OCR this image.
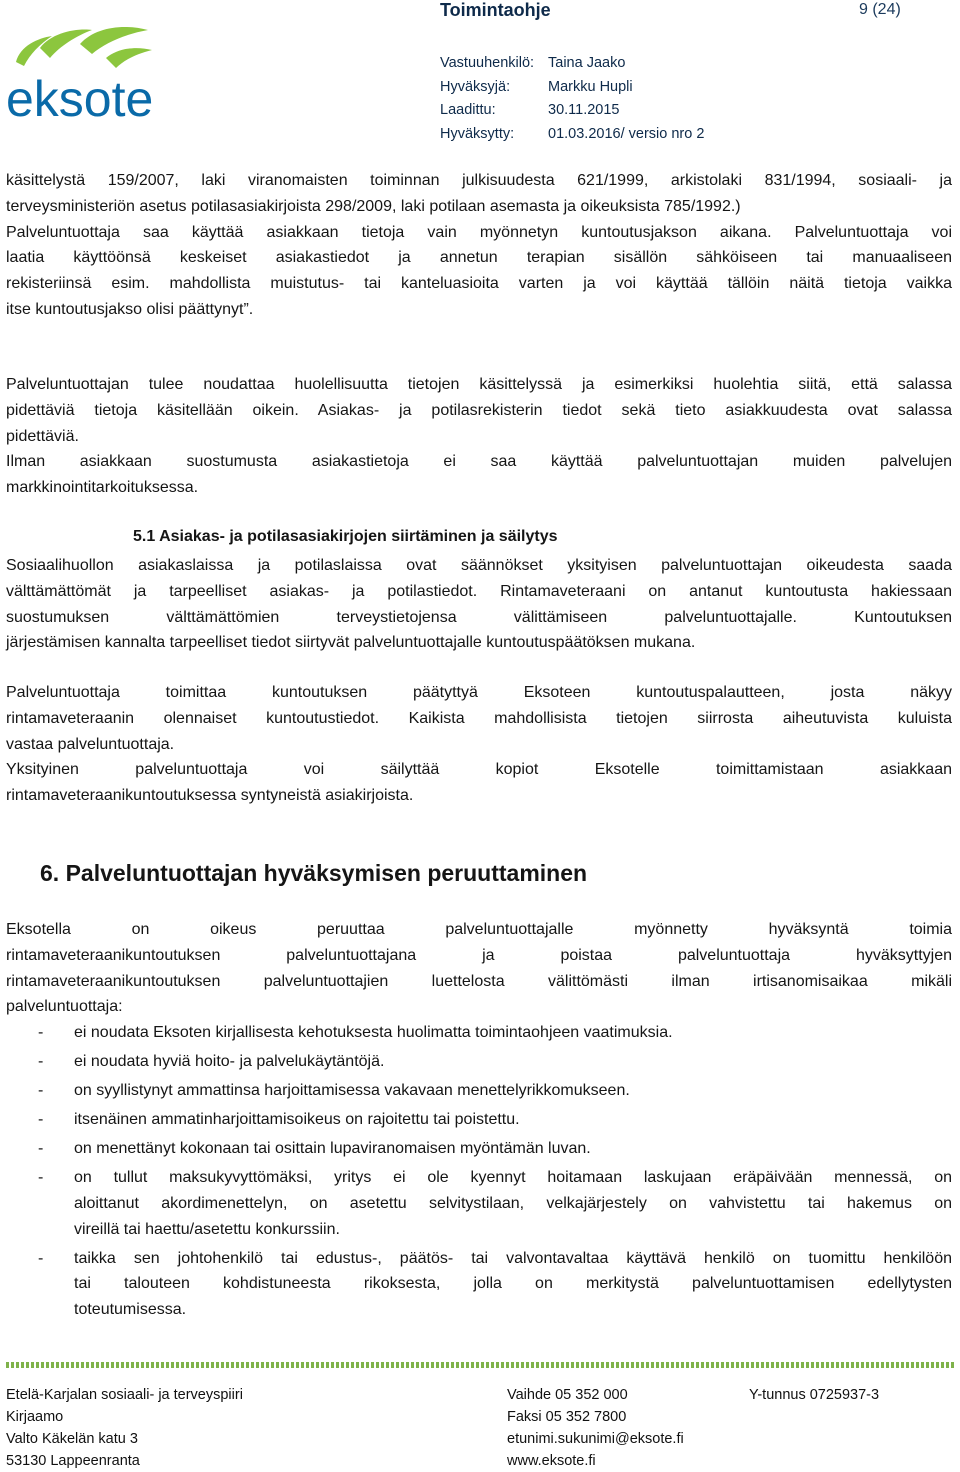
Toimintaohje	9 (24)
eksote
Vastuuhenkilö: Taina Jaako
Hyväksyjä:	Markku Hupli
Laadittu:	30.11.2015
Hyväksytty:	01.03.2016/ versio nro 2
käsittelystä 159/2007, laki viranomaisten toiminnan julkisuudesta 621/1999, arkistolaki 831/1994, sosiaali- ja
terveysministeriön asetus potilasasiakirjoista 298/2009, laki potilaan asemasta ja oikeuksista 785/1992.)
Palveluntuottaja saa käyttää asiakkaan tietoja vain myönnetyn kuntoutusjakson aikana. Palveluntuottaja voi
laatia käyttöönsä keskeiset asiakastiedot ja annetun terapian sisällön sähköiseen tai manuaaliseen
rekisteriinsä esim. mahdollista muistutus- tai kanteluasioita varten ja voi käyttää tällöin näitä tietoja vaikka
itse kuntoutusjakso olisi päättynyt”.
Palveluntuottajan tulee noudattaa huolellisuutta tietojen käsittelyssä ja esimerkiksi huolehtia siitä, että salassa
pidettäviä tietoja käsitellään oikein. Asiakas- ja potilasrekisterin tiedot sekä tieto asiakkuudesta ovat salassa
pidettäviä.
Ilman asiakkaan suostumusta asiakastietoja ei saa käyttää palveluntuottajan muiden palvelujen
markkinointitarkoituksessa.
5.1 Asiakas- ja potilasasiakirjojen siirtäminen ja säilytys
Sosiaalihuollon asiakaslaissa ja potilaslaissa ovat säännökset yksityisen palveluntuottajan oikeudesta saada
välttämättömät ja tarpeelliset asiakas- ja potilastiedot. Rintamaveteraani on antanut kuntoutusta hakiessaan
suostumuksen välttämättömien terveystietojensa välittämiseen palveluntuottajalle. Kuntoutuksen
järjestämisen kannalta tarpeelliset tiedot siirtyvät palveluntuottajalle kuntoutuspäätöksen mukana.
Palveluntuottaja toimittaa kuntoutuksen päätyttyä Eksoteen kuntoutuspalautteen, josta näkyy
rintamaveteraanin olennaiset kuntoutustiedot. Kaikista mahdollisista tietojen siirrosta aiheutuvista kuluista
vastaa palveluntuottaja.
Yksityinen palveluntuottaja voi säilyttää kopiot Eksotelle toimittamistaan asiakkaan
rintamaveteraanikuntoutuksessa syntyneistä asiakirjoista.
6. Palveluntuottajan hyväksymisen peruuttaminen
Eksotella on oikeus peruuttaa palveluntuottajalle myönnetty hyväksyntä toimia
rintamaveteraanikuntoutuksen palveluntuottajana ja poistaa palveluntuottaja hyväksyttyjen
rintamaveteraanikuntoutuksen palveluntuottajien luettelosta välittömästi ilman irtisanomisaikaa mikäli
palveluntuottaja:
- ei noudata Eksoten kirjallisesta kehotuksesta huolimatta toimintaohjeen vaatimuksia.
- ei noudata hyviä hoito- ja palvelukäytäntöjä.
- on syyllistynyt ammattinsa harjoittamisessa vakavaan menettelyrikkomukseen.
- itsenäinen ammatinharjoittamisoikeus on rajoitettu tai poistettu.
- on menettänyt kokonaan tai osittain lupaviranomaisen myöntämän luvan.
- on tullut maksukyvyttömäksi, yritys ei ole kyennyt hoitamaan laskujaan eräpäivään mennessä, on
aloittanut akordimenettelyn, on asetettu selvitystilaan, velkajärjestely on vahvistettu tai hakemus on
vireillä tai haettu/asetettu konkurssiin.
- taikka sen johtohenkilö tai edustus-, päätös- tai valvontavaltaa käyttävä henkilö on tuomittu henkilöön
tai talouteen kohdistuneesta rikoksesta, jolla on merkitystä palveluntuottamisen edellytysten
toteutumisessa.
Etelä-Karjalan sosiaali- ja terveyspiiri
Kirjaamo
Valto Käkelän katu 3
53130 Lappeenranta
Vaihde 05 352 000
Faksi 05 352 7800
etunimi.sukunimi@eksote.fi
www.eksote.fi
Y-tunnus 0725937-3
